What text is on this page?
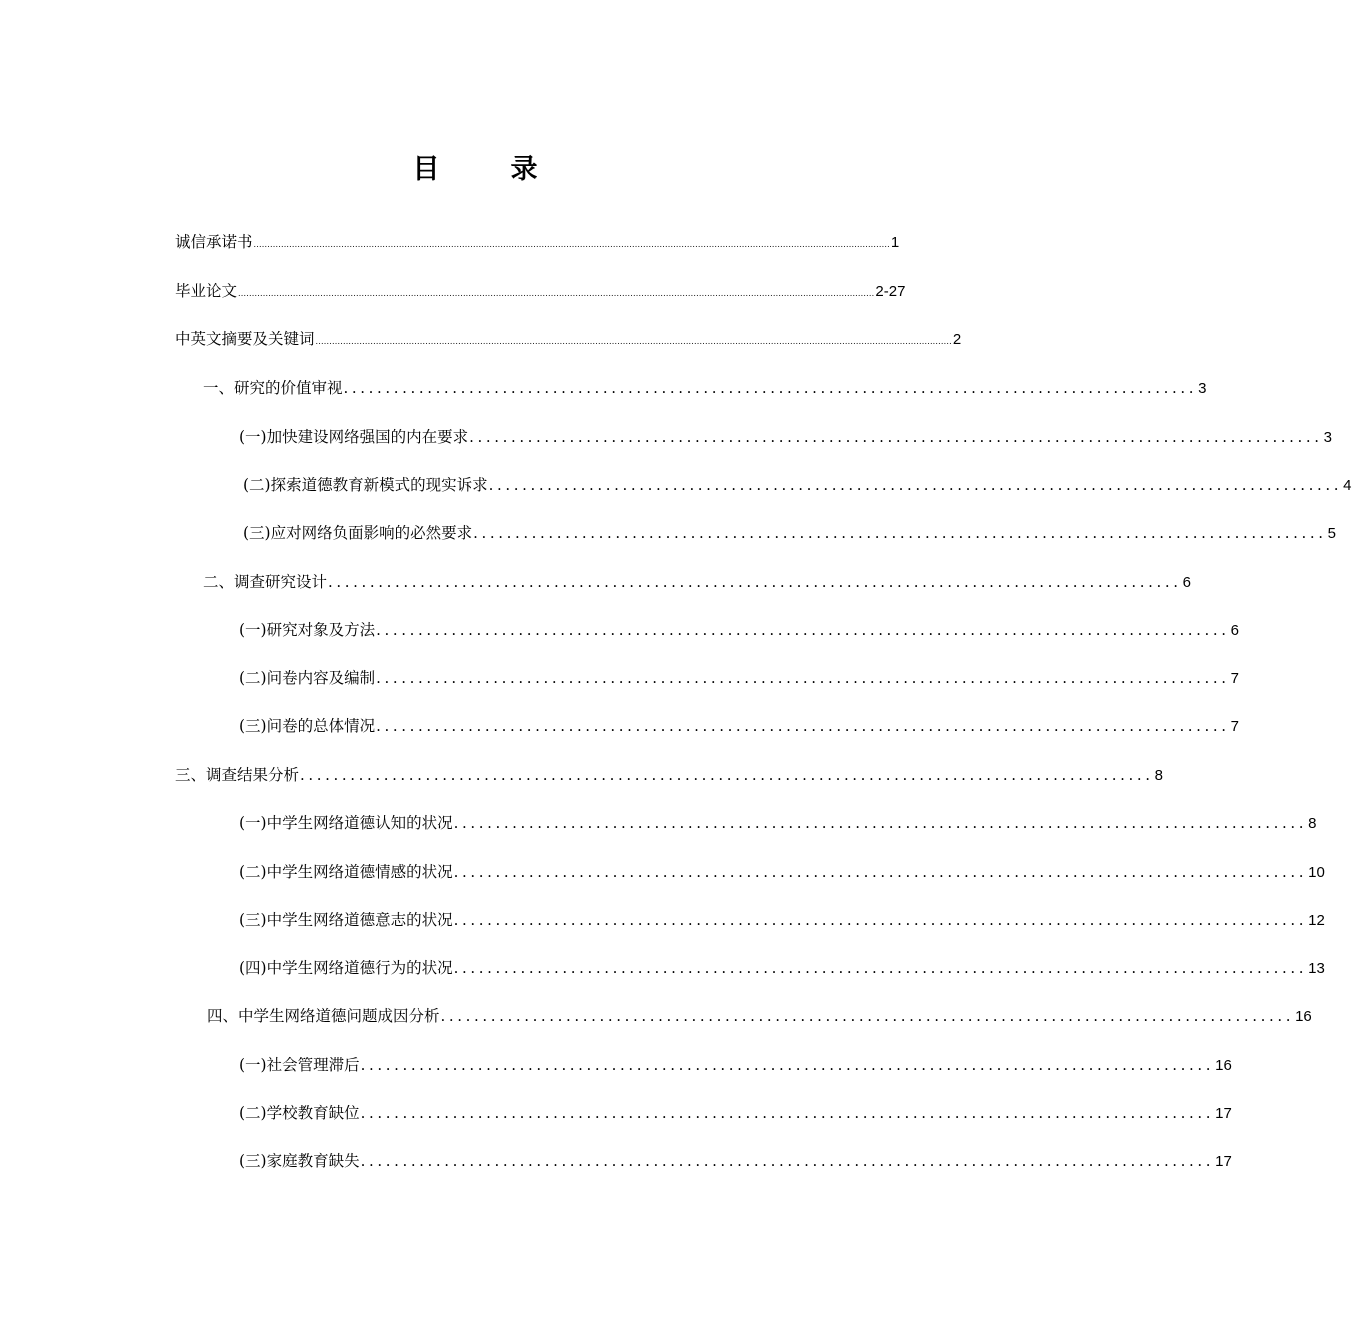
目　录
诚信承诺书 ........................................................................................................................................................................................................................................ 1
毕业论文 ........................................................................................................................................................................................................................................ 2-27
中英文摘要及关键词 ........................................................................................................................................................................................................................................ 2
一、研究的价值审视 ...................................................................................................... 3
(一)加快建设网络强国的内在要求 ...................................................................................................... 3
(二)探索道德教育新模式的现实诉求 ...................................................................................................... 4
(三)应对网络负面影响的必然要求 ...................................................................................................... 5
二、调查研究设计 ...................................................................................................... 6
(一)研究对象及方法 ...................................................................................................... 6
(二)问卷内容及编制 ...................................................................................................... 7
(三)问卷的总体情况 ...................................................................................................... 7
三、调查结果分析 ...................................................................................................... 8
(一)中学生网络道德认知的状况 ...................................................................................................... 8
(二)中学生网络道德情感的状况 ...................................................................................................... 10
(三)中学生网络道德意志的状况 ...................................................................................................... 12
(四)中学生网络道德行为的状况 ...................................................................................................... 13
四、中学生网络道德问题成因分析 ...................................................................................................... 16
(一)社会管理滞后 ...................................................................................................... 16
(二)学校教育缺位 ...................................................................................................... 17
(三)家庭教育缺失 ...................................................................................................... 17
